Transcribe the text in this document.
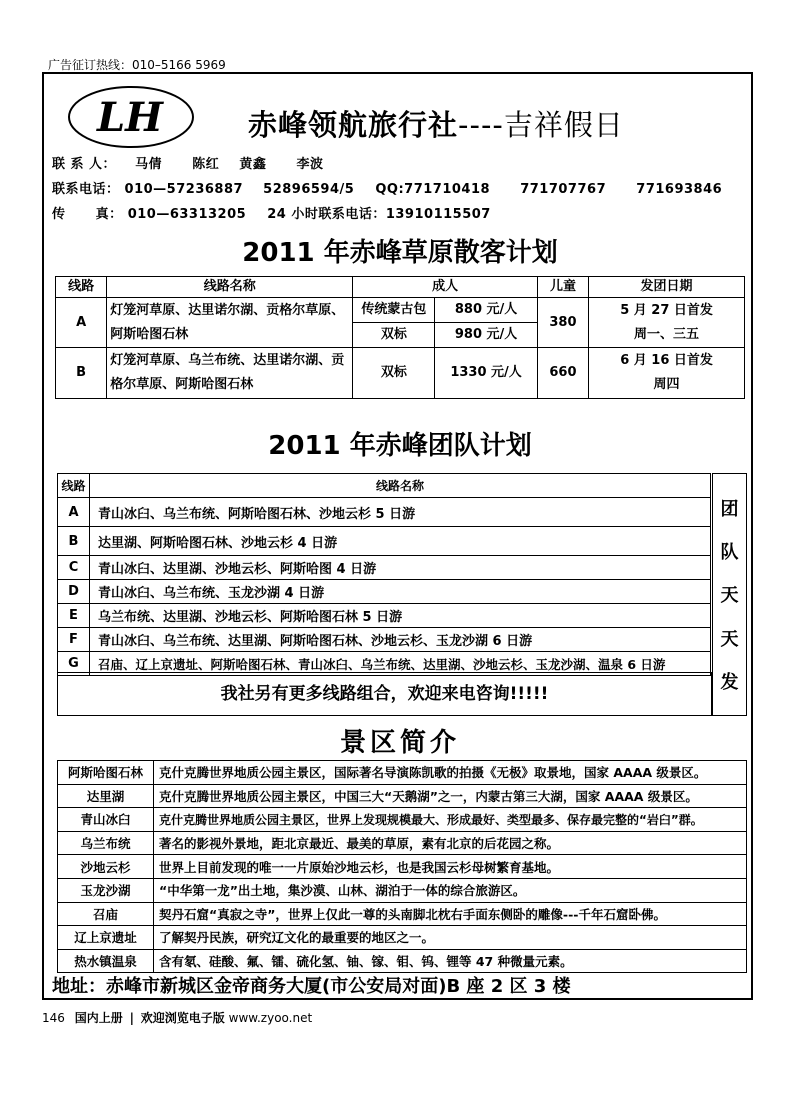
广告征订热线：010–5166 5969
LH	赤峰领航旅行社----吉祥假日
联 系 人： 马倩      陈红    黄鑫      李波
联系电话： 010—57236887    52896594/5 QQ:771710418      771707767      771693846
传      真： 010—63313205 24 小时联系电话：13910115507
2011 年赤峰草原散客计划
线路	线路名称	成人		儿童	发团日期
A	灯笼河草原、达里诺尔湖、贡格尔草原、阿斯哈图石林	传统蒙古包	880 元/人	380	5 月 27 日首发
周一、三五

		双标	980 元/人		
B	灯笼河草原、乌兰布统、达里诺尔湖、贡格尔草原、阿斯哈图石林	双标	1330 元/人	660	6 月 16 日首发
周四
2011 年赤峰团队计划
线路	线路名称
A	青山冰臼、乌兰布统、阿斯哈图石林、沙地云杉 5 日游
B	达里湖、阿斯哈图石林、沙地云杉 4 日游
C	青山冰臼、达里湖、沙地云杉、阿斯哈图 4 日游
D	青山冰臼、乌兰布统、玉龙沙湖 4 日游
E	乌兰布统、达里湖、沙地云杉、阿斯哈图石林 5 日游
F	青山冰臼、乌兰布统、达里湖、阿斯哈图石林、沙地云杉、玉龙沙湖 6 日游
G	召庙、辽上京遗址、阿斯哈图石林、青山冰臼、乌兰布统、达里湖、沙地云杉、玉龙沙湖、温泉 6 日游
团
队
天
天
发
我社另有更多线路组合，欢迎来电咨询!!!!!
景区简介
阿斯哈图石林	克什克腾世界地质公园主景区，国际著名导演陈凯歌的拍摄《无极》取景地，国家 AAAA 级景区。
达里湖	克什克腾世界地质公园主景区，中国三大“天鹅湖”之一，内蒙古第三大湖，国家 AAAA 级景区。
青山冰臼	克什克腾世界地质公园主景区，世界上发现规模最大、形成最好、类型最多、保存最完整的“岩臼”群。
乌兰布统	著名的影视外景地，距北京最近、最美的草原，素有北京的后花园之称。
沙地云杉	世界上目前发现的唯一一片原始沙地云杉，也是我国云杉母树繁育基地。
玉龙沙湖	“中华第一龙”出土地，集沙漠、山林、湖泊于一体的综合旅游区。
召庙	契丹石窟“真寂之寺”，世界上仅此一尊的头南脚北枕右手面东侧卧的雕像---千年石窟卧佛。
辽上京遗址	了解契丹民族，研究辽文化的最重要的地区之一。
热水镇温泉	含有氡、硅酸、氟、镭、硫化氢、铀、镓、钼、钨、锂等 47 种微量元素。
地址：赤峰市新城区金帝商务大厦(市公安局对面)B 座 2 区 3 楼
146 国内上册 | 欢迎浏览电子版 www.zyoo.net
